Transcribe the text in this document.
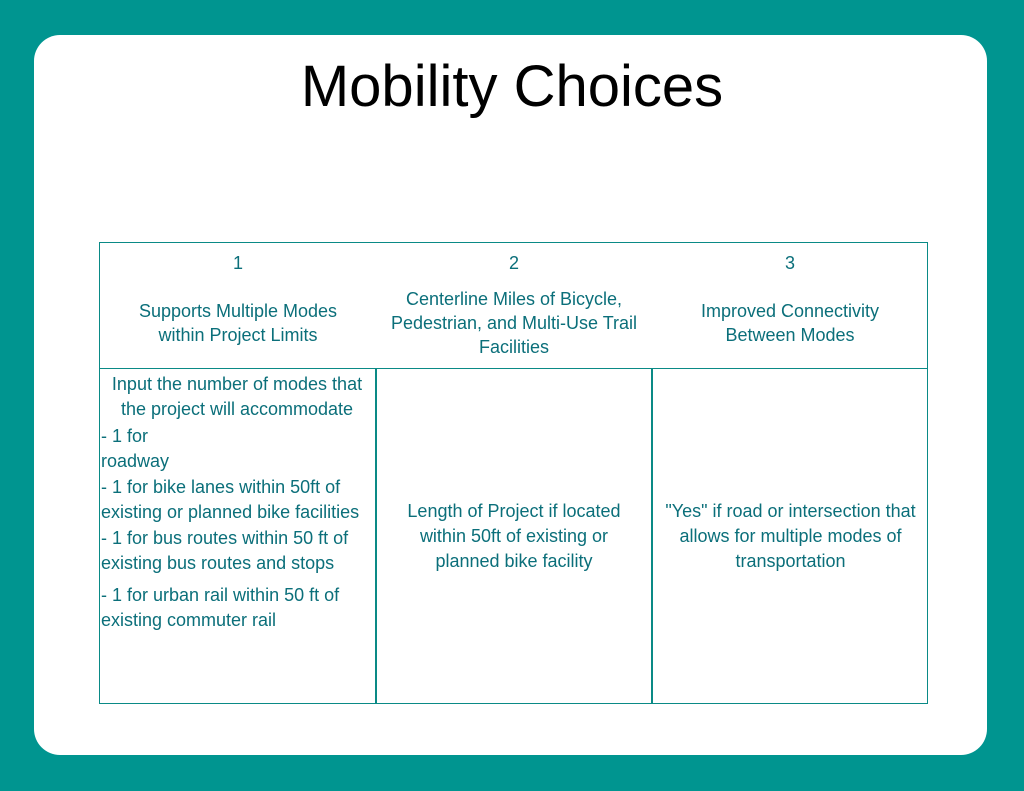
Mobility Choices
1
Supports Multiple Modes within Project Limits
2
Centerline Miles of Bicycle, Pedestrian, and Multi-Use Trail Facilities
3
Improved Connectivity Between Modes
Input the number of modes that the project will accommodate
- 1 for roadway
- 1 for bike lanes within 50ft of existing or planned bike facilities
- 1 for bus routes within 50 ft of existing bus routes and stops
- 1 for urban rail within 50 ft of existing commuter rail
Length of Project if located within 50ft of existing or planned bike facility
"Yes" if road or intersection that allows for multiple modes of transportation
